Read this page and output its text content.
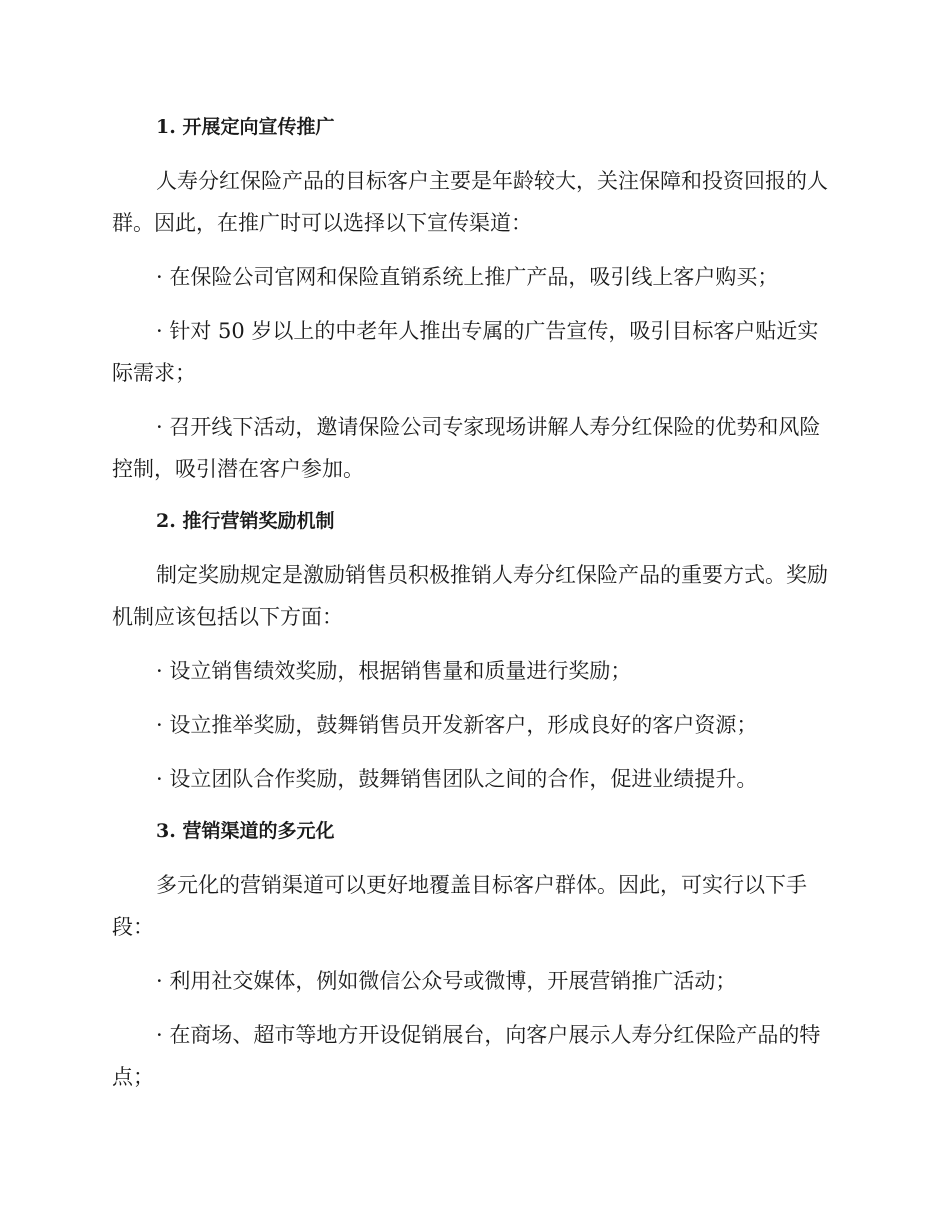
1. 开展定向宣传推广

人寿分红保险产品的目标客户主要是年龄较大，关注保障和投资回报的人群。因此，在推广时可以选择以下宣传渠道：

· 在保险公司官网和保险直销系统上推广产品，吸引线上客户购买；

· 针对 50 岁以上的中老年人推出专属的广告宣传，吸引目标客户贴近实际需求；

· 召开线下活动，邀请保险公司专家现场讲解人寿分红保险的优势和风险控制，吸引潜在客户参加。

2. 推行营销奖励机制

制定奖励规定是激励销售员积极推销人寿分红保险产品的重要方式。奖励机制应该包括以下方面：

· 设立销售绩效奖励，根据销售量和质量进行奖励；

· 设立推举奖励，鼓舞销售员开发新客户，形成良好的客户资源；

· 设立团队合作奖励，鼓舞销售团队之间的合作，促进业绩提升。

3. 营销渠道的多元化

多元化的营销渠道可以更好地覆盖目标客户群体。因此，可实行以下手段：

· 利用社交媒体，例如微信公众号或微博，开展营销推广活动；

· 在商场、超市等地方开设促销展台，向客户展示人寿分红保险产品的特点；
